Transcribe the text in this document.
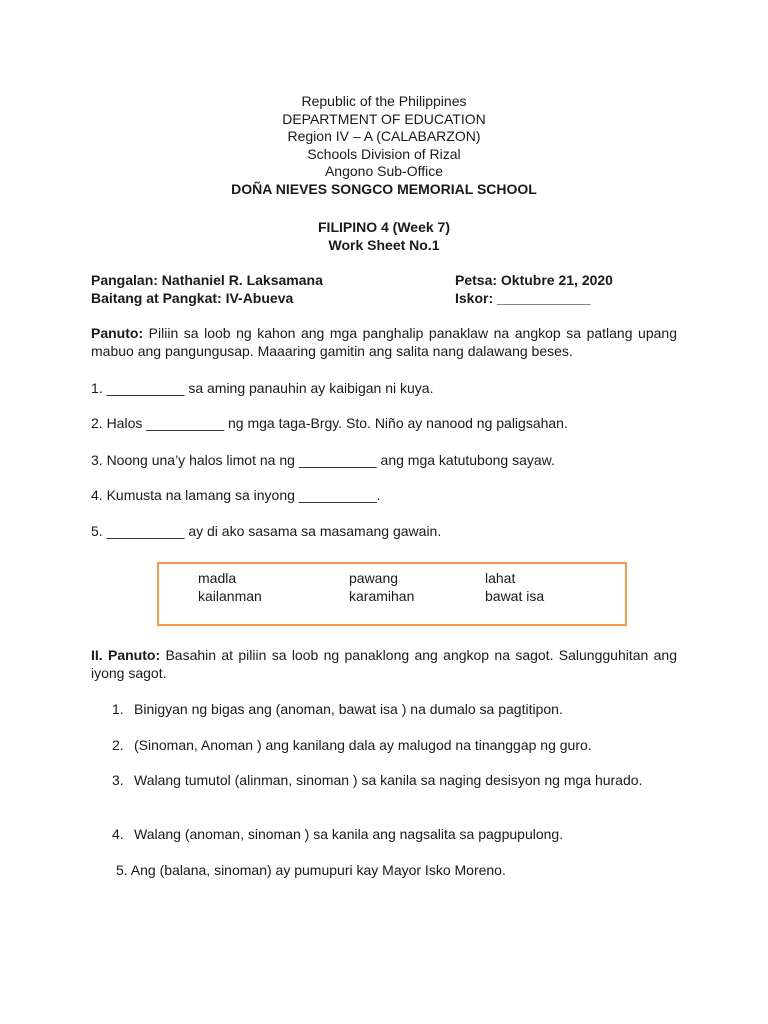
Republic of the Philippines
DEPARTMENT OF EDUCATION
Region IV – A (CALABARZON)
Schools Division of Rizal
Angono Sub-Office
DOÑA NIEVES SONGCO MEMORIAL SCHOOL
FILIPINO 4 (Week 7)
Work Sheet No.1
Pangalan: Nathaniel R. Laksamana	Petsa: Oktubre 21, 2020
Baitang at Pangkat: IV-Abueva	Iskor: ____________
Panuto: Piliin sa loob ng kahon ang mga panghalip panaklaw na angkop sa patlang upang mabuo ang pangungusap. Maaaring gamitin ang salita nang dalawang beses.
1. __________ sa aming panauhin ay kaibigan ni kuya.
2. Halos __________ ng mga taga-Brgy. Sto. Niño ay nanood ng paligsahan.
3. Noong una’y halos limot na ng __________ ang mga katutubong sayaw.
4. Kumusta na lamang sa inyong __________.
5. __________ ay di ako sasama sa masamang gawain.
madla	pawang	lahat
kailanman	karamihan	bawat isa
II. Panuto: Basahin at piliin sa loob ng panaklong ang angkop na sagot. Salungguhitan ang iyong sagot.
1. Binigyan ng bigas ang (anoman, bawat isa ) na dumalo sa pagtitipon.
2. (Sinoman, Anoman ) ang kanilang dala ay malugod na tinanggap ng guro.
3. Walang tumutol (alinman, sinoman ) sa kanila sa naging desisyon ng mga hurado.
4. Walang (anoman, sinoman ) sa kanila ang nagsalita sa pagpupulong.
5. Ang (balana, sinoman) ay pumupuri kay Mayor Isko Moreno.
